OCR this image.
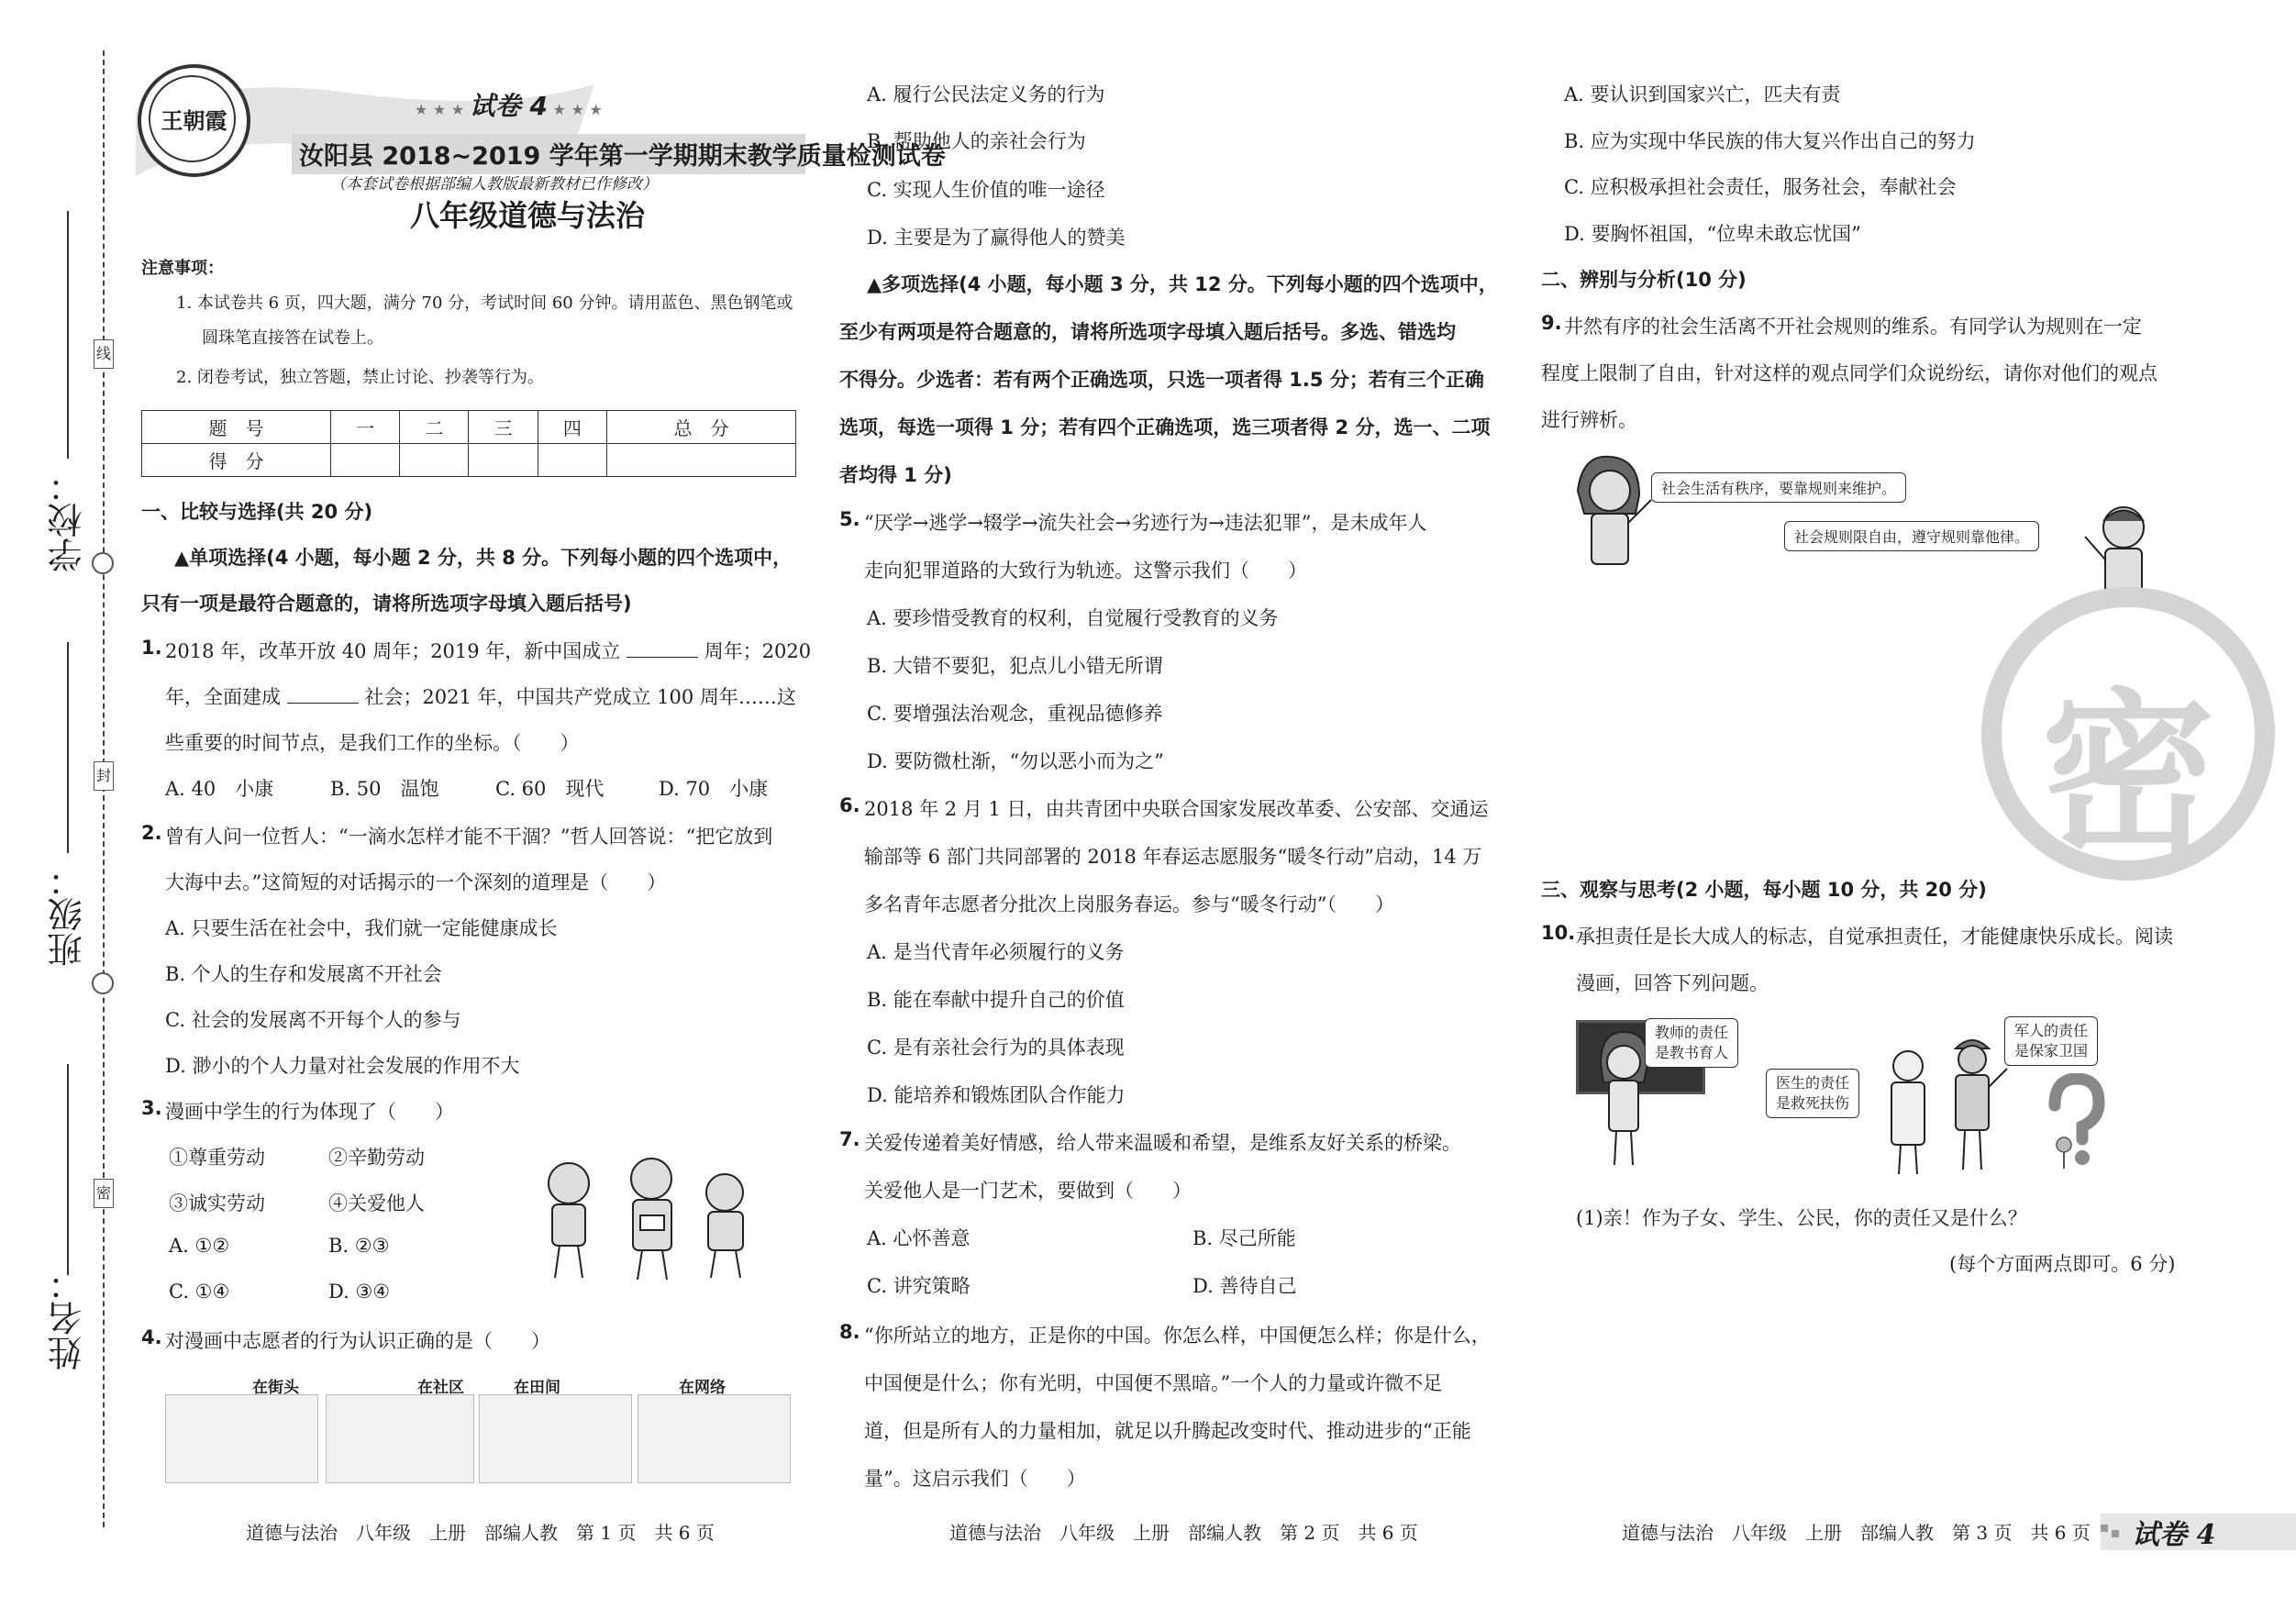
学校：
班级：
姓名：
线
封
密
王朝霞	★ ★ ★ 试卷 4 ★ ★ ★
汝阳县 2018~2019 学年第一学期期末教学质量检测试卷
（本套试卷根据部编人教版最新教材已作修改）
八年级道德与法治
注意事项：
1. 本试卷共 6 页，四大题，满分 70 分，考试时间 60 分钟。请用蓝色、黑色钢笔或
圆珠笔直接答在试卷上。
2. 闭卷考试，独立答题，禁止讨论、抄袭等行为。
题　号	一	二	三	四	总　分
得　分					
一、比较与选择(共 20 分)
▲单项选择(4 小题，每小题 2 分，共 8 分。下列每小题的四个选项中，
只有一项是最符合题意的，请将所选项字母填入题后括号)
1. 2018 年，改革开放 40 周年；2019 年，新中国成立	周年；2020
年，全面建成	社会；2021 年，中国共产党成立 100 周年……这
些重要的时间节点，是我们工作的坐标。（　　）
A. 40　小康	B. 50　温饱	C. 60　现代	D. 70　小康
2. 曾有人问一位哲人：“一滴水怎样才能不干涸？”哲人回答说：“把它放到
大海中去。”这简短的对话揭示的一个深刻的道理是（　　）
A. 只要生活在社会中，我们就一定能健康成长
B. 个人的生存和发展离不开社会
C. 社会的发展离不开每个人的参与
D. 渺小的个人力量对社会发展的作用不大
3. 漫画中学生的行为体现了（　　）
①尊重劳动	②辛勤劳动
③诚实劳动	④关爱他人
A. ①②	B. ②③
C. ①④	D. ③④
4. 对漫画中志愿者的行为认识正确的是（　　）
在街头	在社区	在田间	在网络
A. 履行公民法定义务的行为
B. 帮助他人的亲社会行为
C. 实现人生价值的唯一途径
D. 主要是为了赢得他人的赞美
▲多项选择(4 小题，每小题 3 分，共 12 分。下列每小题的四个选项中，
至少有两项是符合题意的，请将所选项字母填入题后括号。多选、错选均
不得分。少选者：若有两个正确选项，只选一项者得 1.5 分；若有三个正确
选项，每选一项得 1 分；若有四个正确选项，选三项者得 2 分，选一、二项
者均得 1 分)
5. “厌学→逃学→辍学→流失社会→劣迹行为→违法犯罪”，是未成年人
走向犯罪道路的大致行为轨迹。这警示我们（　　）
A. 要珍惜受教育的权利，自觉履行受教育的义务
B. 大错不要犯，犯点儿小错无所谓
C. 要增强法治观念，重视品德修养
D. 要防微杜渐，“勿以恶小而为之”
6. 2018 年 2 月 1 日，由共青团中央联合国家发展改革委、公安部、交通运
输部等 6 部门共同部署的 2018 年春运志愿服务“暖冬行动”启动，14 万
多名青年志愿者分批次上岗服务春运。参与“暖冬行动”（　　）
A. 是当代青年必须履行的义务
B. 能在奉献中提升自己的价值
C. 是有亲社会行为的具体表现
D. 能培养和锻炼团队合作能力
7. 关爱传递着美好情感，给人带来温暖和希望，是维系友好关系的桥梁。
关爱他人是一门艺术，要做到（　　）
A. 心怀善意	B. 尽己所能
C. 讲究策略	D. 善待自己
8. “你所站立的地方，正是你的中国。你怎么样，中国便怎么样；你是什么，
中国便是什么；你有光明，中国便不黑暗。”一个人的力量或许微不足
道，但是所有人的力量相加，就足以升腾起改变时代、推动进步的“正能
量”。这启示我们（　　）
A. 要认识到国家兴亡，匹夫有责
B. 应为实现中华民族的伟大复兴作出自己的努力
C. 应积极承担社会责任，服务社会，奉献社会
D. 要胸怀祖国，“位卑未敢忘忧国”
二、辨别与分析(10 分)
9. 井然有序的社会生活离不开社会规则的维系。有同学认为规则在一定
程度上限制了自由，针对这样的观点同学们众说纷纭，请你对他们的观点
进行辨析。
社会生活有秩序，要靠规则来维护。
社会规则限自由，遵守规则靠他律。
密
三、观察与思考(2 小题，每小题 10 分，共 20 分)
10. 承担责任是长大成人的标志，自觉承担责任，才能健康快乐成长。阅读
漫画，回答下列问题。
教师的责任
是教书育人
医生的责任
是救死扶伤
军人的责任
是保家卫国
(1)亲！作为子女、学生、公民，你的责任又是什么？
(每个方面两点即可。6 分)
道德与法治　八年级　上册　部编人教　第 1 页　共 6 页	道德与法治　八年级　上册　部编人教　第 2 页　共 6 页	道德与法治　八年级　上册　部编人教　第 3 页　共 6 页 试卷 4
